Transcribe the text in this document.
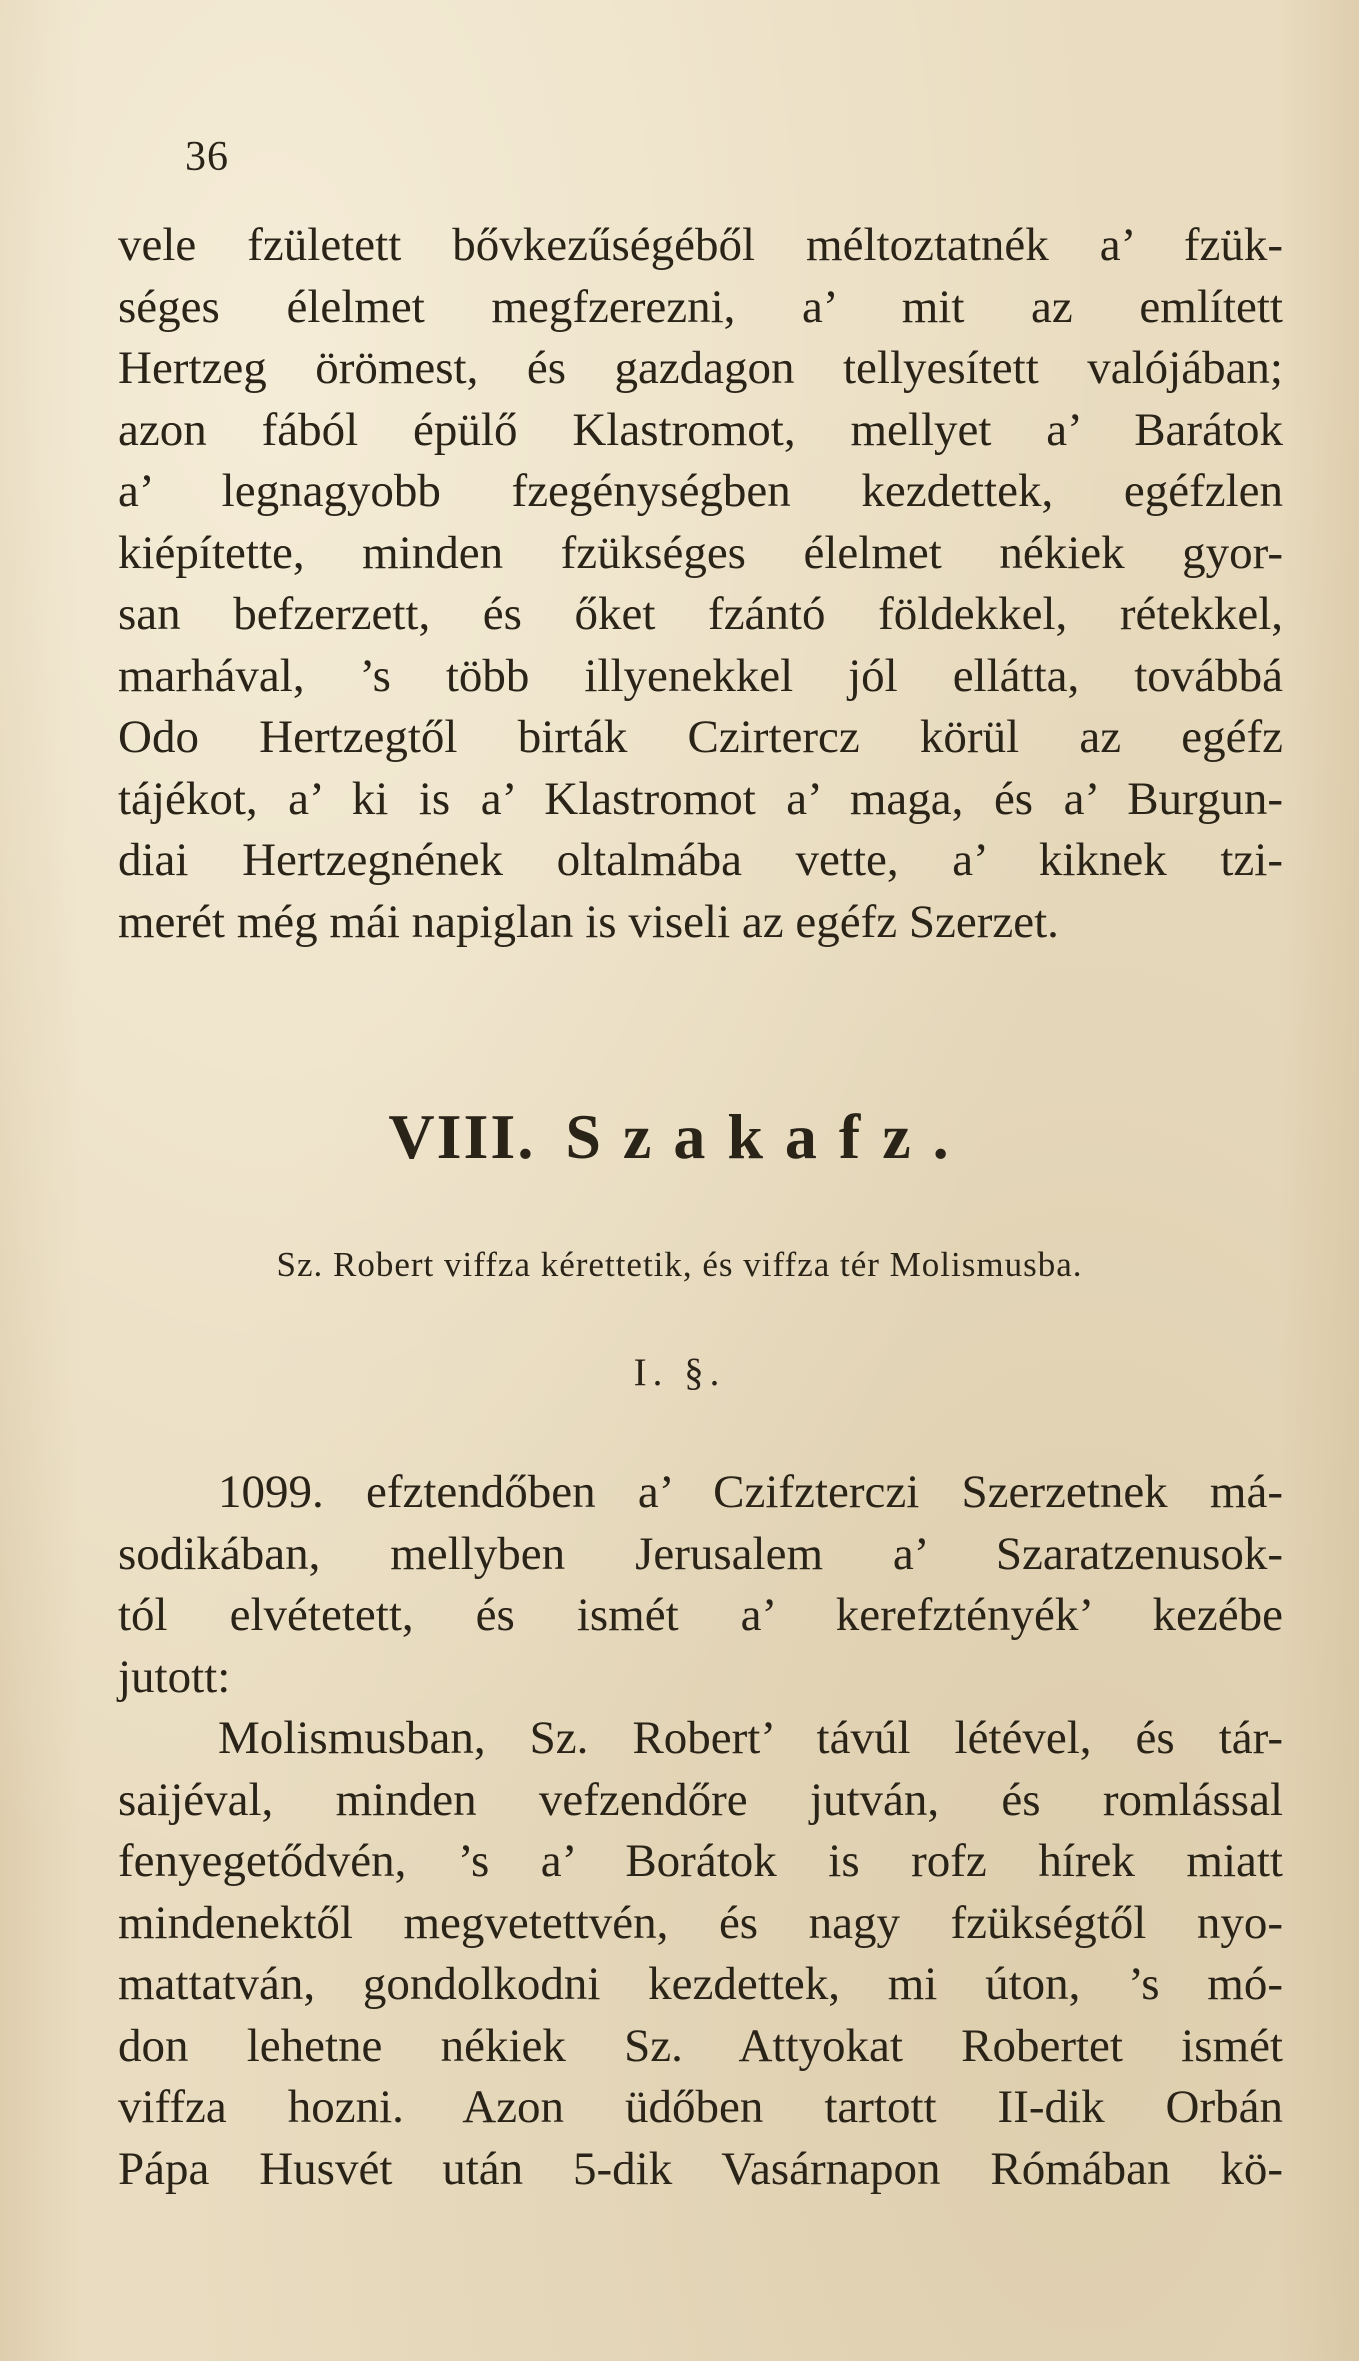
36
vele fzületett bővkezűségéből méltoztatnék a’ fzük-
séges élelmet megfzerezni, a’ mit az említett
Hertzeg örömest, és gazdagon tellyesített valójában;
azon fából épülő Klastromot, mellyet a’ Barátok
a’ legnagyobb fzegénységben kezdettek, egéfzlen
kiépítette, minden fzükséges élelmet nékiek gyor-
san befzerzett, és őket fzántó földekkel, rétekkel,
marhával, ’s több illyenekkel jól ellátta, továbbá
Odo Hertzegtől birták Czirtercz körül az egéfz
tájékot, a’ ki is a’ Klastromot a’ maga, és a’ Burgun-
diai Hertzegnének oltalmába vette, a’ kiknek tzi-
merét még mái napiglan is viseli az egéfz Szerzet.
VIII. Szakafz.
Sz. Robert viffza kérettetik, és viffza tér Molismusba.
I. §.
1099. efztendőben a’ Czifzterczi Szerzetnek má-
sodikában, mellyben Jerusalem a’ Szaratzenusok-
tól elvétetett, és ismét a’ kerefztényék’ kezébe
jutott:
Molismusban, Sz. Robert’ távúl létével, és tár-
saijéval, minden vefzendőre jutván, és romlással
fenyegetődvén, ’s a’ Borátok is rofz hírek miatt
mindenektől megvetettvén, és nagy fzükségtől nyo-
mattatván, gondolkodni kezdettek, mi úton, ’s mó-
don lehetne nékiek Sz. Attyokat Robertet ismét
viffza hozni. Azon üdőben tartott II-dik Orbán
Pápa Husvét után 5-dik Vasárnapon Rómában kö-
